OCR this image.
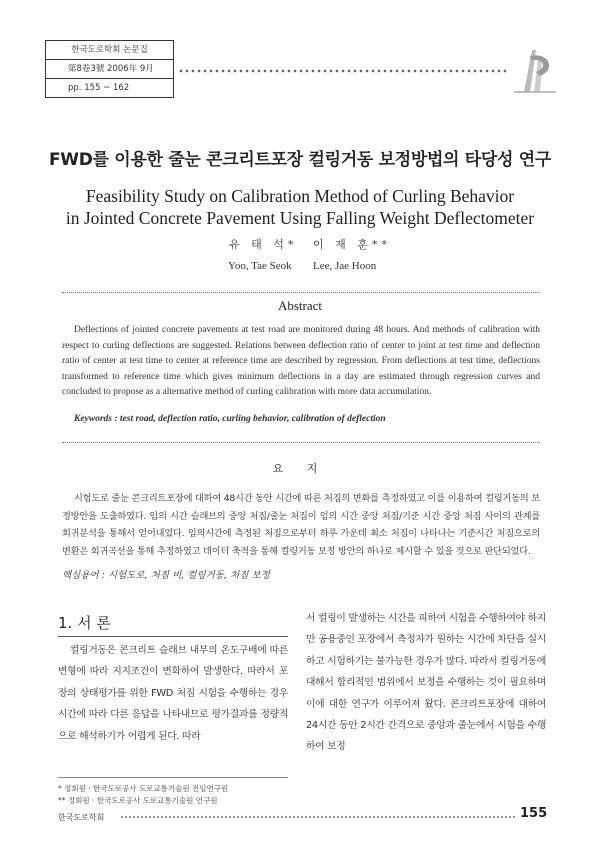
한국도로학회 논문집
第8卷3號 2006年 9月
pp. 155 ~ 162
FWD를 이용한 줄눈 콘크리트포장 컬링거동 보정방법의 타당성 연구
Feasibility Study on Calibration Method of Curling Behavior
in Jointed Concrete Pavement Using Falling Weight Deflectometer
유 태 석* 이 재 훈**
Yoo, Tae Seok Lee, Jae Hoon
Abstract
Deflections of jointed concrete pavements at test road are monitored during 48 hours. And methods of calibration with respect to curling deflections are suggested. Relations between deflection ratio of center to joint at test time and deflection ratio of center at test time to center at reference time are described by regression. From deflections at test time, deflections transformed to reference time which gives minimum deflections in a day are estimated through regression curves and concluded to propose as a alternative method of curling calibration with more data accumulation.
Keywords : test road, deflection ratio, curling behavior, calibration of deflection
요 지
시험도로 줄눈 콘크리트포장에 대하여 48시간 동안 시간에 따른 처짐의 변화를 측정하였고 이를 이용하여 컬링거동의 보정방안을 도출하였다. 임의 시간 슬래브의 중앙 처짐/줄눈 처짐이 임의 시간 중앙 처짐/기준 시간 중앙 처짐 사이의 관계를 회귀분석을 통해서 얻어내었다. 임의시간에 측정된 처짐으로부터 하루 가운데 최소 처짐이 나타나는 기준시간 처짐으로의 변환은 회귀곡선을 통해 추정하였고 데이터 축적을 통해 컬링거동 보정 방안의 하나로 제시할 수 있을 것으로 판단되었다.
핵심용어 : 시험도로, 처짐 비, 컬링거동, 처짐 보정
1. 서 론
컬링거동은 콘크리트 슬래브 내부의 온도구배에 따른 변형에 따라 지지조건이 변화하여 발생한다. 따라서 포장의 상태평가를 위한 FWD 처짐 시험을 수행하는 경우 시간에 따라 다른 응답을 나타내므로 평가결과를 정량적으로 해석하기가 어렵게 된다. 따라
서 컬링이 발생하는 시간을 피하여 시험을 수행하여야 하지만 공용중인 포장에서 측정자가 원하는 시간에 차단을 실시하고 시험하기는 불가능한 경우가 많다. 따라서 컬링거동에 대해서 합리적인 범위에서 보정을 수행하는 것이 필요하며 이에 대한 연구가 이루어져 왔다. 콘크리트포장에 대하여 24시간 동안 2시간 간격으로 중앙과 줄눈에서 시험을 수행하여 보정
* 정회원 · 한국도로공사 도로교통기술원 전임연구원
** 정회원 · 한국도로공사 도로교통기술원 연구원
한국도로학회	155
